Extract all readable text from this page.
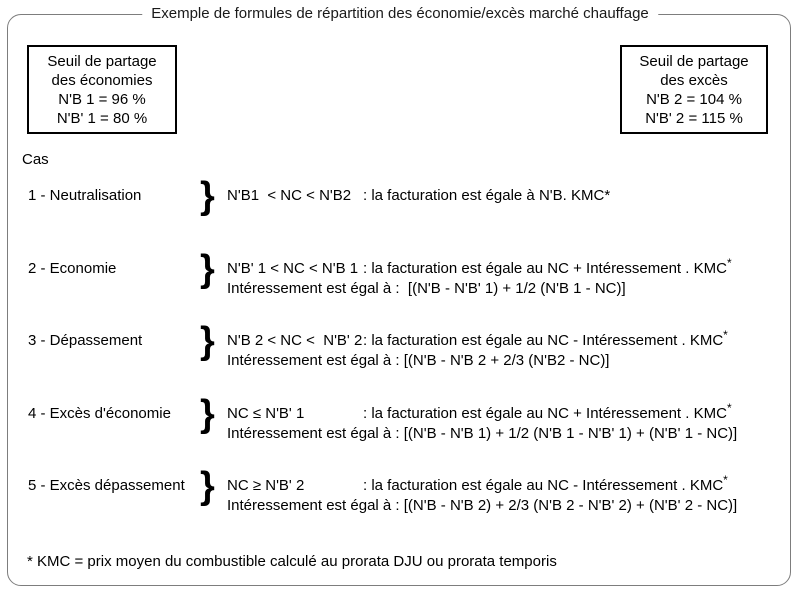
Exemple de formules de répartition des économie/excès marché chauffage
Seuil de partage
des économies
N'B 1 = 96 %
N'B' 1 = 80 %
Seuil de partage
des excès
N'B 2 = 104 %
N'B' 2 = 115 %
Cas
1 - Neutralisation } N'B1  < NC < N'B2 : la facturation est égale à N'B. KMC*
2 - Economie } N'B' 1 < NC < N'B 1 : la facturation est égale au NC + Intéressement . KMC*
Intéressement est égal à :  [(N'B - N'B' 1) + 1/2 (N'B 1 - NC)]
3 - Dépassement } N'B 2 < NC <  N'B' 2: la facturation est égale au NC - Intéressement . KMC*
Intéressement est égal à : [(N'B - N'B 2 + 2/3 (N'B2 - NC)]
4 - Excès d'économie } NC ≤ N'B' 1	: la facturation est égale au NC + Intéressement . KMC*
Intéressement est égal à : [(N'B - N'B 1) + 1/2 (N'B 1 - N'B' 1) + (N'B' 1 - NC)]
5 - Excès dépassement } NC ≥ N'B' 2	: la facturation est égale au NC - Intéressement . KMC*
Intéressement est égal à : [(N'B - N'B 2) + 2/3 (N'B 2 - N'B' 2) + (N'B' 2 - NC)]
* KMC = prix moyen du combustible calculé au prorata DJU ou prorata temporis
